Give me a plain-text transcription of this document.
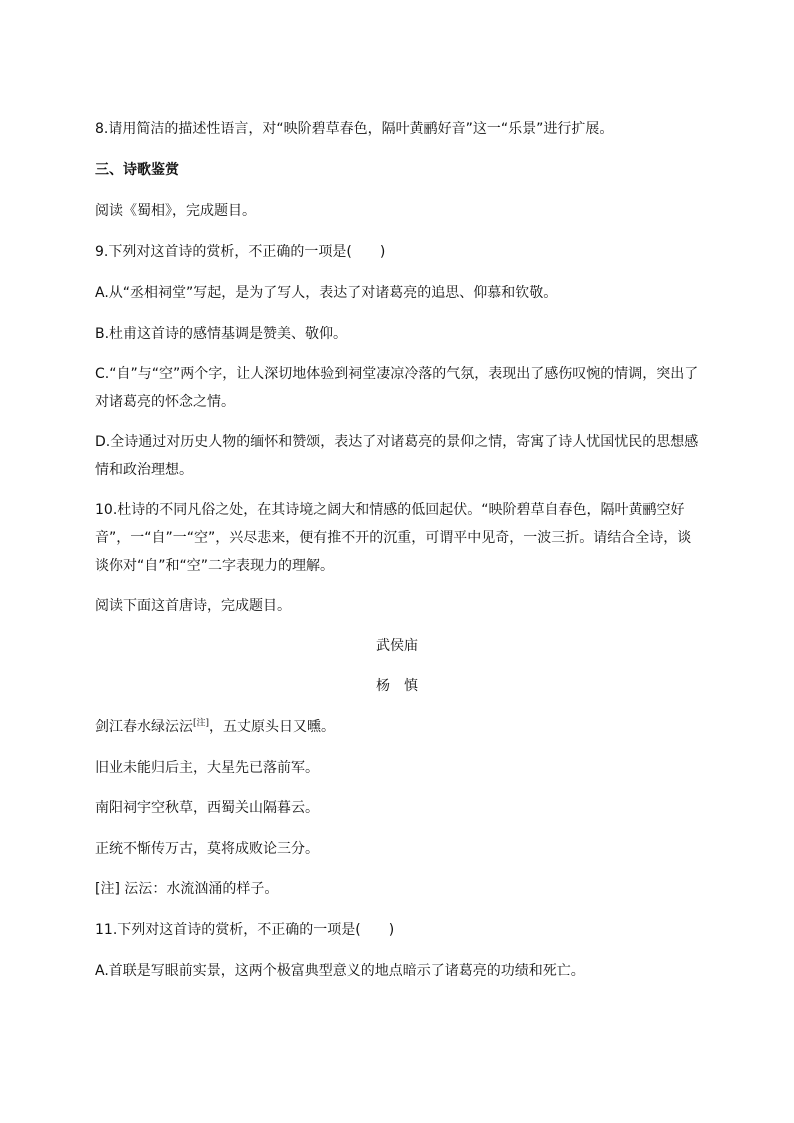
8.请用简洁的描述性语言，对“映阶碧草春色，隔叶黄鹂好音”这一“乐景”进行扩展。
三、诗歌鉴赏
阅读《蜀相》，完成题目。
9.下列对这首诗的赏析，不正确的一项是(　　)
A.从“丞相祠堂”写起，是为了写人，表达了对诸葛亮的追思、仰慕和钦敬。
B.杜甫这首诗的感情基调是赞美、敬仰。
C.“自”与“空”两个字，让人深切地体验到祠堂凄凉冷落的气氛，表现出了感伤叹惋的情调，突出了
对诸葛亮的怀念之情。
D.全诗通过对历史人物的缅怀和赞颂，表达了对诸葛亮的景仰之情，寄寓了诗人忧国忧民的思想感
情和政治理想。
10.杜诗的不同凡俗之处，在其诗境之阔大和情感的低回起伏。“映阶碧草自春色，隔叶黄鹂空好
音”，一“自”一“空”，兴尽悲来，便有推不开的沉重，可谓平中见奇，一波三折。请结合全诗，谈
谈你对“自”和“空”二字表现力的理解。
阅读下面这首唐诗，完成题目。
武侯庙
杨　慎
剑江春水绿沄沄[注]，五丈原头日又曛。
旧业未能归后主，大星先已落前军。
南阳祠宇空秋草，西蜀关山隔暮云。
正统不惭传万古，莫将成败论三分。
[注] 沄沄：水流汹涌的样子。
11.下列对这首诗的赏析，不正确的一项是(　　)
A.首联是写眼前实景，这两个极富典型意义的地点暗示了诸葛亮的功绩和死亡。
